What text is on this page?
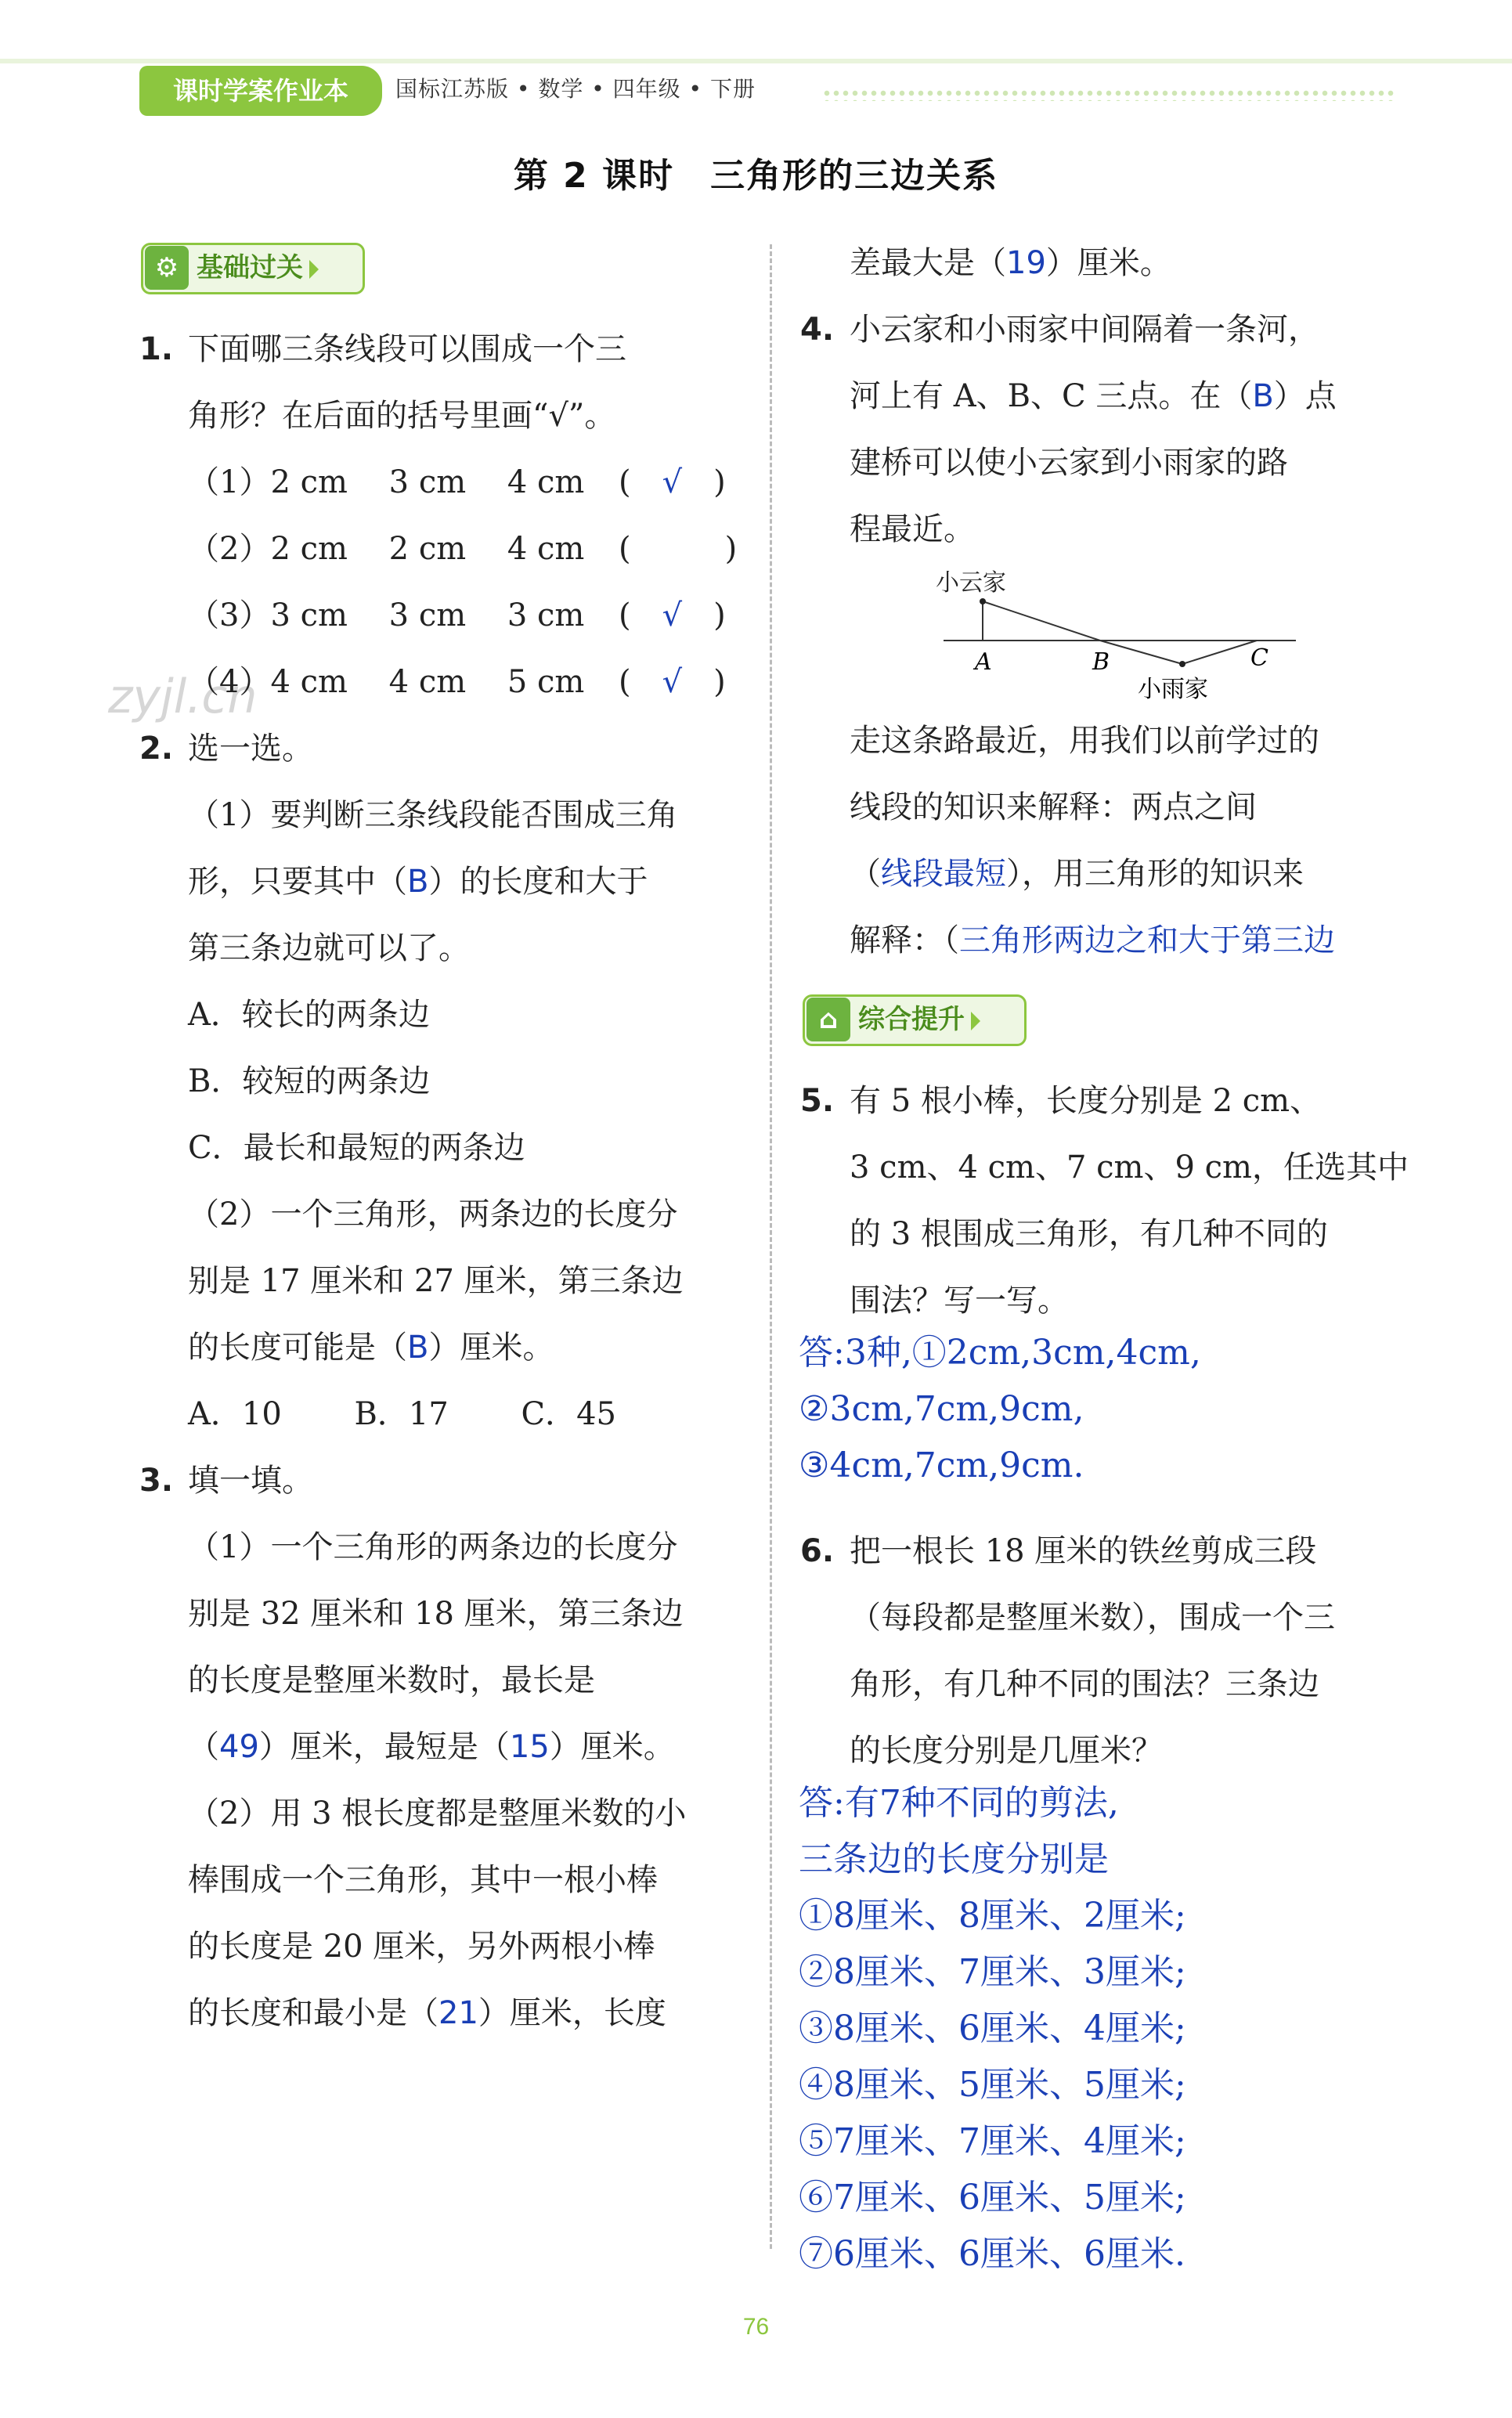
课时学案作业本	国标江苏版 • 数学 • 四年级 • 下册
第 2 课时　三角形的三边关系
zyjl.cn
⚙ 基础过关
1. 下面哪三条线段可以围成一个三
角形？在后面的括号里画“√”。
（1）2 cm　 3 cm　 4 cm (　√　)
（2）2 cm　 2 cm　 4 cm (　　　)
（3）3 cm　 3 cm　 3 cm (　√　)
（4）4 cm　 4 cm　 5 cm (　√　)
2. 选一选。
（1）要判断三条线段能否围成三角
形，只要其中（B）的长度和大于
第三条边就可以了。
A．较长的两条边
B．较短的两条边
C．最长和最短的两条边
（2）一个三角形，两条边的长度分
别是 17 厘米和 27 厘米，第三条边
的长度可能是（B）厘米。
A．10　　 B．17　　 C．45
3. 填一填。
（1）一个三角形的两条边的长度分
别是 32 厘米和 18 厘米，第三条边
的长度是整厘米数时，最长是
（49）厘米，最短是（15）厘米。
（2）用 3 根长度都是整厘米数的小
棒围成一个三角形，其中一根小棒
的长度是 20 厘米，另外两根小棒
的长度和最小是（21）厘米，长度
差最大是（19）厘米。
4. 小云家和小雨家中间隔着一条河，
河上有 A、B、C 三点。在（B）点
建桥可以使小云家到小雨家的路
程最近。
小云家
A	B	C
小雨家
走这条路最近，用我们以前学过的
线段的知识来解释：两点之间
（线段最短），用三角形的知识来
解释：（三角形两边之和大于第三边
⌂ 综合提升
5. 有 5 根小棒，长度分别是 2 cm、
3 cm、4 cm、7 cm、9 cm，任选其中
的 3 根围成三角形，有几种不同的
围法？写一写。
答:3种,①2cm,3cm,4cm,
②3cm,7cm,9cm,
③4cm,7cm,9cm.
6. 把一根长 18 厘米的铁丝剪成三段
（每段都是整厘米数），围成一个三
角形，有几种不同的围法？三条边
的长度分别是几厘米？
答:有7种不同的剪法,
三条边的长度分别是
①8厘米、8厘米、2厘米;
②8厘米、7厘米、3厘米;
③8厘米、6厘米、4厘米;
④8厘米、5厘米、5厘米;
⑤7厘米、7厘米、4厘米;
⑥7厘米、6厘米、5厘米;
⑦6厘米、6厘米、6厘米.
76
